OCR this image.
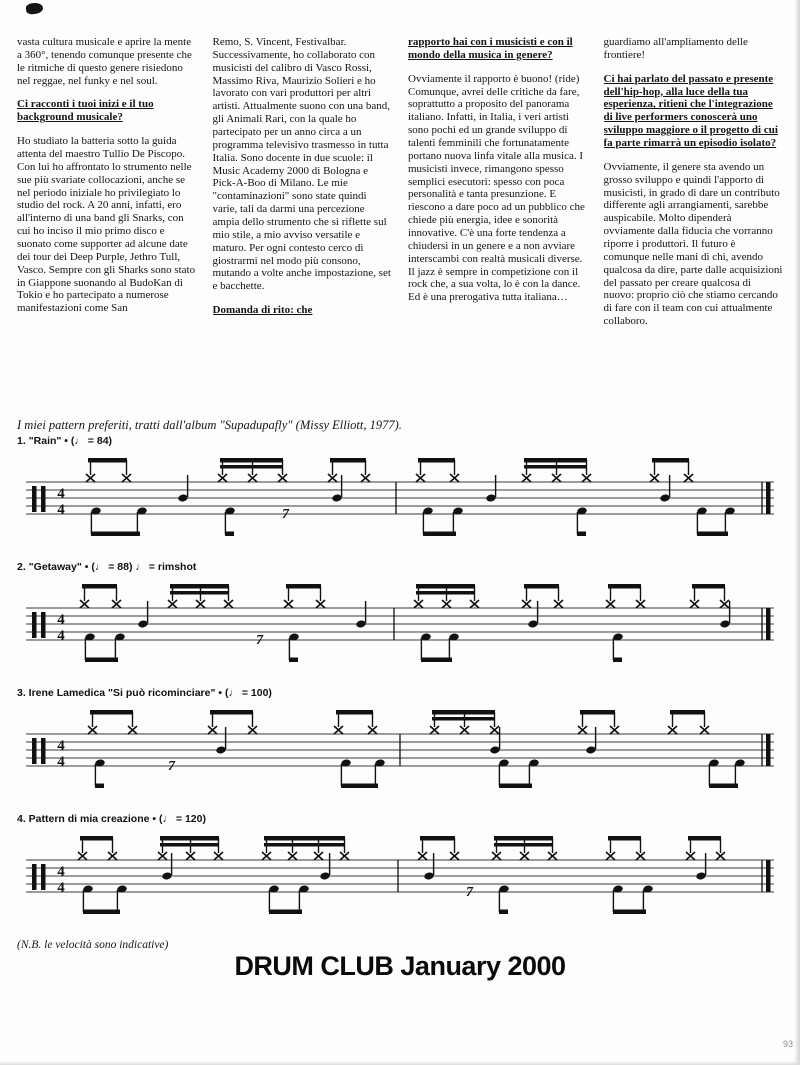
vasta cultura musicale e aprire la mente a 360°, tenendo comunque presente che le ritmiche di questo genere risiedono nel reggae, nel funky e nel soul.

Ci racconti i tuoi inizi e il tuo background musicale?

Ho studiato la batteria sotto la guida attenta del maestro Tullio De Piscopo. Con lui ho affrontato lo strumento nelle sue più svariate collocazioni, anche se nel periodo iniziale ho privilegiato lo studio del rock. A 20 anni, infatti, ero all'interno di una band gli Snarks, con cui ho inciso il mio primo disco e suonato come supporter ad alcune date dei tour dei Deep Purple, Jethro Tull, Vasco. Sempre con gli Sharks sono stato in Giappone suonando al BudoKan di Tokio e ho partecipato a numerose manifestazioni come San

Remo, S. Vincent, Festivalbar. Successivamente, ho collaborato con musicisti del calibro di Vasco Rossi, Massimo Riva, Maurizio Solieri e ho lavorato con vari produttori per altri artisti. Attualmente suono con una band, gli Animali Rari, con la quale ho partecipato per un anno circa a un programma televisivo trasmesso in tutta Italia. Sono docente in due scuole: il Music Academy 2000 di Bologna e Pick-A-Boo di Milano. Le mie "contaminazioni" sono state quindi varie, tali da darmi una percezione ampia dello strumento che si riflette sul mio stile, a mio avviso versatile e maturo. Per ogni contesto cerco di giostrarmi nel modo più consono, mutando a volte anche impostazione, set e bacchette.

Domanda di rito: che

rapporto hai con i musicisti e con il mondo della musica in genere?

Ovviamente il rapporto è buono! (ride) Comunque, avrei delle critiche da fare, soprattutto a proposito del panorama italiano. Infatti, in Italia, i veri artisti sono pochi ed un grande sviluppo di talenti femminili che fortunatamente portano nuova linfa vitale alla musica. I musicisti invece, rimangono spesso semplici esecutori: spesso con poca personalità e tanta presunzione. E riescono a dare poco ad un pubblico che chiede più energia, idee e sonorità innovative. C'è una forte tendenza a chiudersi in un genere e a non avviare interscambi con realtà musicali diverse. Il jazz è sempre in competizione con il rock che, a sua volta, lo è con la dance. Ed è una prerogativa tutta italiana…

guardiamo all'ampliamento delle frontiere!

Ci hai parlato del passato e presente dell'hip-hop, alla luce della tua esperienza, ritieni che l'integrazione di live performers conoscerà uno sviluppo maggiore o il progetto di cui fa parte rimarrà un episodio isolato?

Ovviamente, il genere sta avendo un grosso sviluppo e quindi l'apporto di musicisti, in grado di dare un contributo differente agli arrangiamenti, sarebbe auspicabile. Molto dipenderà ovviamente dalla fiducia che vorranno riporre i produttori. Il futuro è comunque nelle mani di chi, avendo qualcosa da dire, parte dalle acquisizioni del passato per creare qualcosa di nuovo: proprio ciò che stiamo cercando di fare con il team con cui attualmente collaboro.

I miei pattern preferiti, tratti dall'album "Supadupafly" (Missy Elliott, 1977).
1. "Rain" • (♩ = 84)
4
4	7
2. "Getaway" • (♩ = 88) ♩ = rimshot
4
4	7
3. Irene Lamedica "Si può ricominciare" • (♩ = 100)
4
4	7
4. Pattern di mia creazione • (♩ = 120)
4
4	7
(N.B. le velocità sono indicative)
DRUM CLUB January 2000
93
